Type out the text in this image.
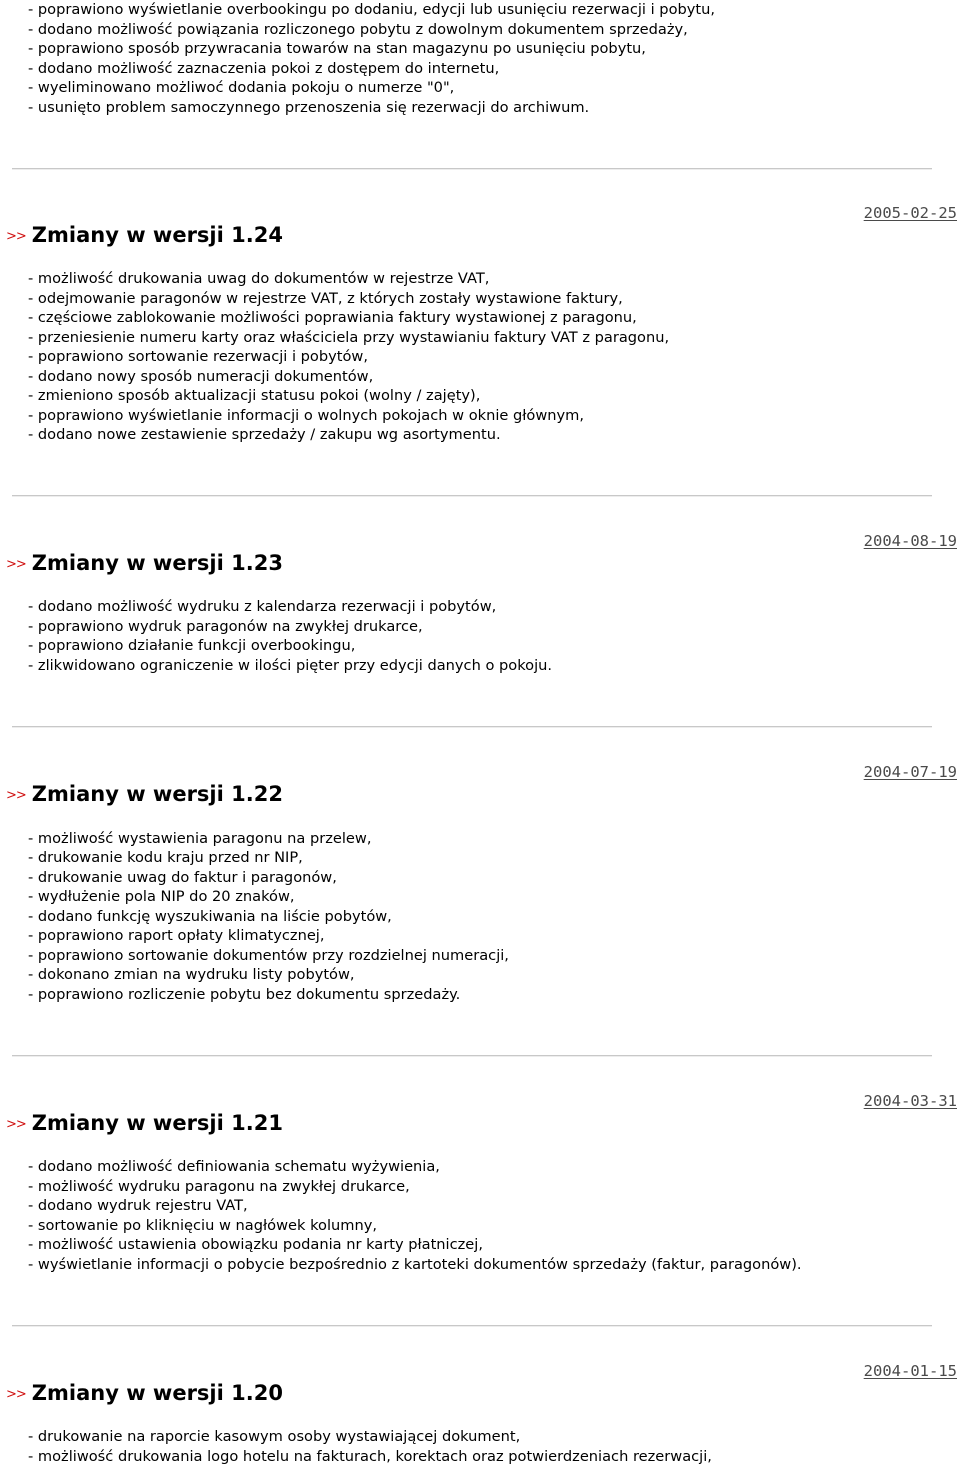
- poprawiono wyświetlanie overbookingu po dodaniu, edycji lub usunięciu rezerwacji i pobytu,
- dodano możliwość powiązania rozliczonego pobytu z dowolnym dokumentem sprzedaży,
- poprawiono sposób przywracania towarów na stan magazynu po usunięciu pobytu,
- dodano możliwość zaznaczenia pokoi z dostępem do internetu,
- wyeliminowano możliwoć dodania pokoju o numerze "0",
- usunięto problem samoczynnego przenoszenia się rezerwacji do archiwum.
2005-02-25
>> Zmiany w wersji 1.24
- możliwość drukowania uwag do dokumentów w rejestrze VAT,
- odejmowanie paragonów w rejestrze VAT, z których zostały wystawione faktury,
- częściowe zablokowanie możliwości poprawiania faktury wystawionej z paragonu,
- przeniesienie numeru karty oraz właściciela przy wystawianiu faktury VAT z paragonu,
- poprawiono sortowanie rezerwacji i pobytów,
- dodano nowy sposób numeracji dokumentów,
- zmieniono sposób aktualizacji statusu pokoi (wolny / zajęty),
- poprawiono wyświetlanie informacji o wolnych pokojach w oknie głównym,
- dodano nowe zestawienie sprzedaży / zakupu wg asortymentu.
2004-08-19
>> Zmiany w wersji 1.23
- dodano możliwość wydruku z kalendarza rezerwacji i pobytów,
- poprawiono wydruk paragonów na zwykłej drukarce,
- poprawiono działanie funkcji overbookingu,
- zlikwidowano ograniczenie w ilości pięter przy edycji danych o pokoju.
2004-07-19
>> Zmiany w wersji 1.22
- możliwość wystawienia paragonu na przelew,
- drukowanie kodu kraju przed nr NIP,
- drukowanie uwag do faktur i paragonów,
- wydłużenie pola NIP do 20 znaków,
- dodano funkcję wyszukiwania na liście pobytów,
- poprawiono raport opłaty klimatycznej,
- poprawiono sortowanie dokumentów przy rozdzielnej numeracji,
- dokonano zmian na wydruku listy pobytów,
- poprawiono rozliczenie pobytu bez dokumentu sprzedaży.
2004-03-31
>> Zmiany w wersji 1.21
- dodano możliwość definiowania schematu wyżywienia,
- możliwość wydruku paragonu na zwykłej drukarce,
- dodano wydruk rejestru VAT,
- sortowanie po kliknięciu w nagłówek kolumny,
- możliwość ustawienia obowiązku podania nr karty płatniczej,
- wyświetlanie informacji o pobycie bezpośrednio z kartoteki dokumentów sprzedaży (faktur, paragonów).
2004-01-15
>> Zmiany w wersji 1.20
- drukowanie na raporcie kasowym osoby wystawiającej dokument,
- możliwość drukowania logo hotelu na fakturach, korektach oraz potwierdzeniach rezerwacji,
